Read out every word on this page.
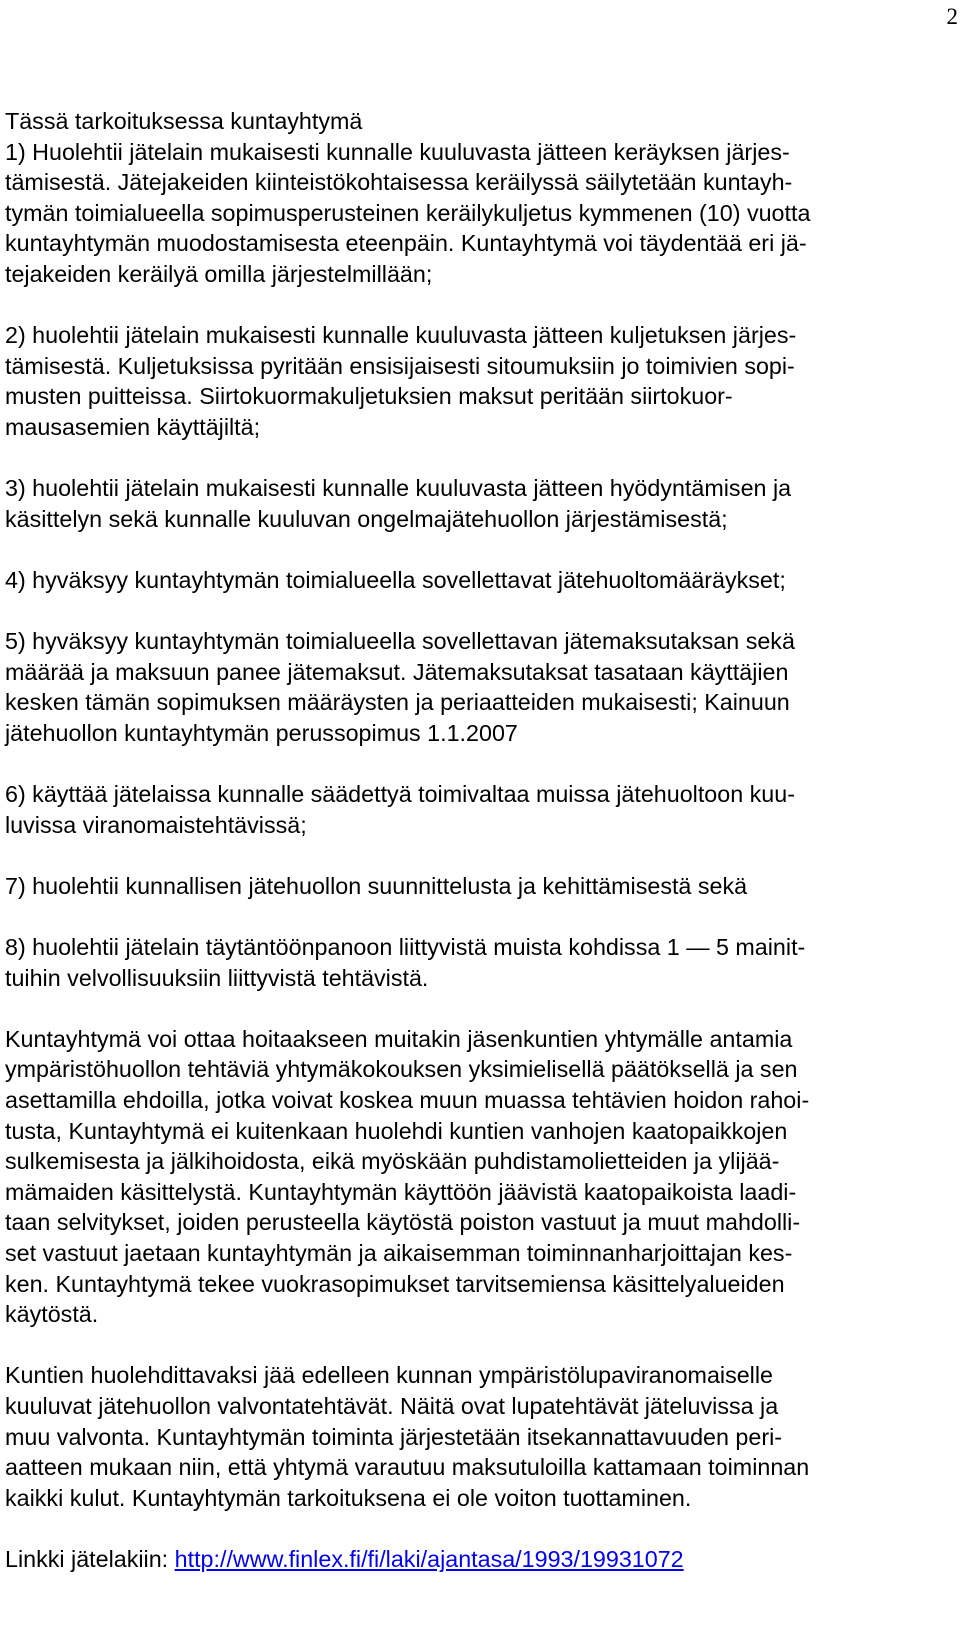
2

Tässä tarkoituksessa kuntayhtymä
1) Huolehtii jätelain mukaisesti kunnalle kuuluvasta jätteen keräyksen järjes-
tämisestä. Jätejakeiden kiinteistökohtaisessa keräilyssä säilytetään kuntayh-
tymän toimialueella sopimusperusteinen keräilykuljetus kymmenen (10) vuotta
kuntayhtymän muodostamisesta eteenpäin. Kuntayhtymä voi täydentää eri jä-
tejakeiden keräilyä omilla järjestelmillään;

2) huolehtii jätelain mukaisesti kunnalle kuuluvasta jätteen kuljetuksen järjes-
tämisestä. Kuljetuksissa pyritään ensisijaisesti sitoumuksiin jo toimivien sopi-
musten puitteissa. Siirtokuormakuljetuksien maksut peritään siirtokuor-
mausasemien käyttäjiltä;

3) huolehtii jätelain mukaisesti kunnalle kuuluvasta jätteen hyödyntämisen ja
käsittelyn sekä kunnalle kuuluvan ongelmajätehuollon järjestämisestä;

4) hyväksyy kuntayhtymän toimialueella sovellettavat jätehuoltomääräykset;

5) hyväksyy kuntayhtymän toimialueella sovellettavan jätemaksutaksan sekä
määrää ja maksuun panee jätemaksut. Jätemaksutaksat tasataan käyttäjien
kesken tämän sopimuksen määräysten ja periaatteiden mukaisesti; Kainuun
jätehuollon kuntayhtymän perussopimus 1.1.2007

6) käyttää jätelaissa kunnalle säädettyä toimivaltaa muissa jätehuoltoon kuu-
luvissa viranomaistehtävissä;

7) huolehtii kunnallisen jätehuollon suunnittelusta ja kehittämisestä sekä

8) huolehtii jätelain täytäntöönpanoon liittyvistä muista kohdissa 1 — 5 mainit-
tuihin velvollisuuksiin liittyvistä tehtävistä.

Kuntayhtymä voi ottaa hoitaakseen muitakin jäsenkuntien yhtymälle antamia
ympäristöhuollon tehtäviä yhtymäkokouksen yksimielisellä päätöksellä ja sen
asettamilla ehdoilla, jotka voivat koskea muun muassa tehtävien hoidon rahoi-
tusta, Kuntayhtymä ei kuitenkaan huolehdi kuntien vanhojen kaatopaikkojen
sulkemisesta ja jälkihoidosta, eikä myöskään puhdistamolietteiden ja ylijää-
mämaiden käsittelystä. Kuntayhtymän käyttöön jäävistä kaatopaikoista laadi-
taan selvitykset, joiden perusteella käytöstä poiston vastuut ja muut mahdolli-
set vastuut jaetaan kuntayhtymän ja aikaisemman toiminnanharjoittajan kes-
ken. Kuntayhtymä tekee vuokrasopimukset tarvitsemiensa käsittelyalueiden
käytöstä.

Kuntien huolehdittavaksi jää edelleen kunnan ympäristölupaviranomaiselle
kuuluvat jätehuollon valvontatehtävät. Näitä ovat lupatehtävät jäteluvissa ja
muu valvonta. Kuntayhtymän toiminta järjestetään itsekannattavuuden peri-
aatteen mukaan niin, että yhtymä varautuu maksutuloilla kattamaan toiminnan
kaikki kulut. Kuntayhtymän tarkoituksena ei ole voiton tuottaminen.

Linkki jätelakiin: http://www.finlex.fi/fi/laki/ajantasa/1993/19931072
